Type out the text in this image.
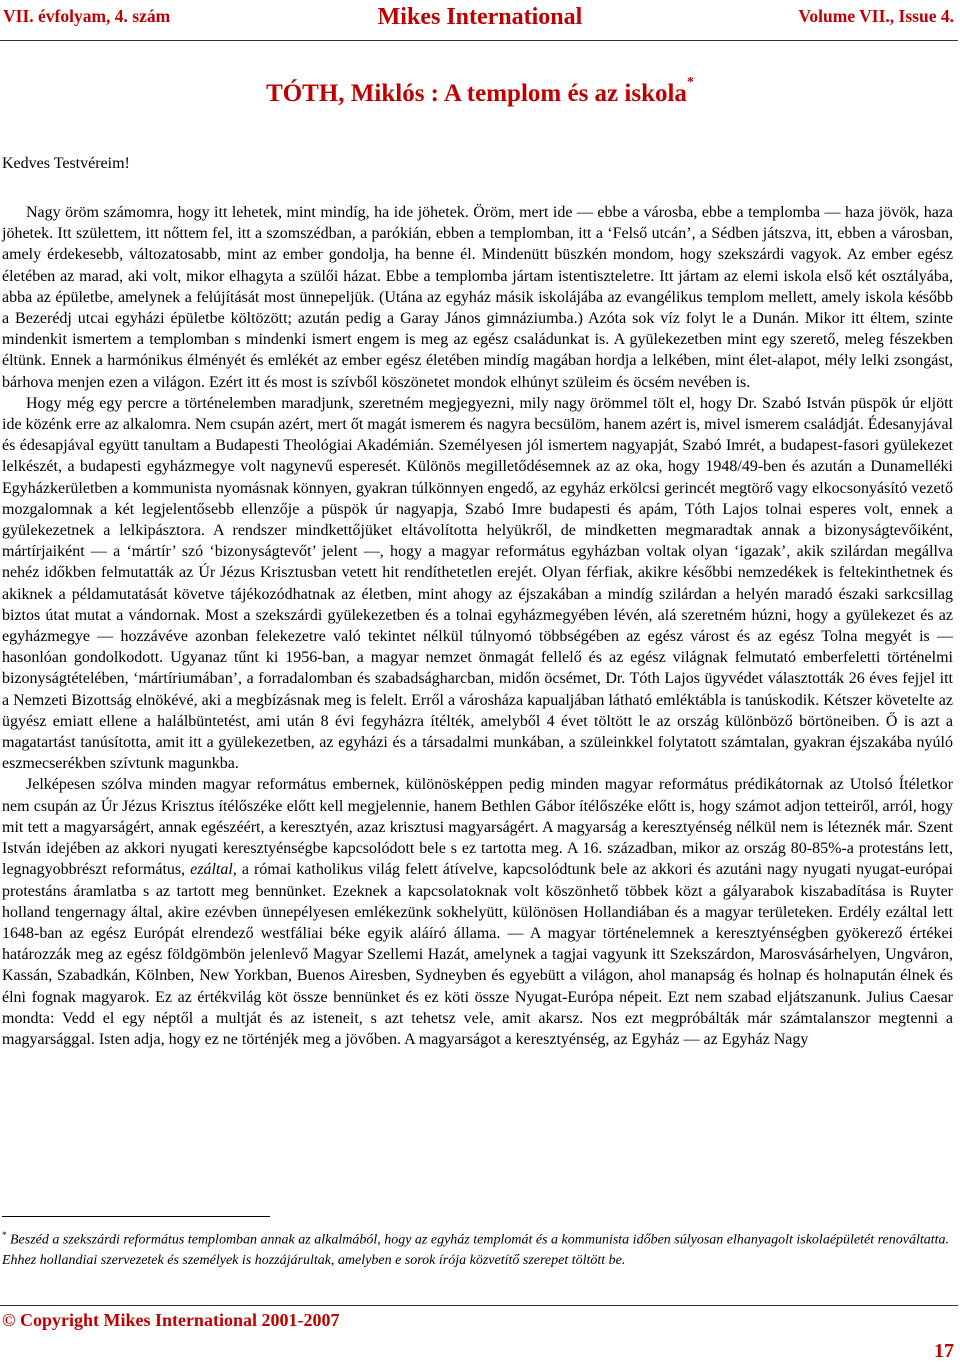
VII. évfolyam, 4. szám	Mikes International	Volume VII., Issue 4.
TÓTH, Miklós : A templom és az iskola*
Kedves Testvéreim!

Nagy öröm számomra, hogy itt lehetek, mint mindíg, ha ide jöhetek. Öröm, mert ide — ebbe a városba, ebbe a templomba — haza jövök, haza jöhetek. Itt születtem, itt nőttem fel, itt a szomszédban, a parókián, ebben a templomban, itt a ‘Felső utcán’, a Sédben játszva, itt, ebben a városban, amely érdekesebb, változatosabb, mint az ember gondolja, ha benne él. Mindenütt büszkén mondom, hogy szekszárdi vagyok. Az ember egész életében az marad, aki volt, mikor elhagyta a szülői házat. Ebbe a templomba jártam istentiszteletre. Itt jártam az elemi iskola első két osztályába, abba az épületbe, amelynek a felújítását most ünnepeljük. (Utána az egyház másik iskolájába az evangélikus templom mellett, amely iskola később a Bezerédj utcai egyházi épületbe költözött; azután pedig a Garay János gimnáziumba.) Azóta sok víz folyt le a Dunán. Mikor itt éltem, szinte mindenkit ismertem a templomban s mindenki ismert engem is meg az egész családunkat is. A gyülekezetben mint egy szerető, meleg fészekben éltünk. Ennek a harmónikus élményét és emlékét az ember egész életében mindíg magában hordja a lelkében, mint élet-alapot, mély lelki zsongást, bárhova menjen ezen a világon. Ezért itt és most is szívből köszönetet mondok elhúnyt szüleim és öcsém nevében is.

Hogy még egy percre a történelemben maradjunk, szeretném megjegyezni, mily nagy örömmel tölt el, hogy Dr. Szabó István püspök úr eljött ide közénk erre az alkalomra. Nem csupán azért, mert őt magát ismerem és nagyra becsülöm, hanem azért is, mivel ismerem családját. Édesanyjával és édesapjával együtt tanultam a Budapesti Theológiai Akadémián. Személyesen jól ismertem nagyapját, Szabó Imrét, a budapest-fasori gyülekezet lelkészét, a budapesti egyházmegye volt nagynevű esperesét. Különös megilletődésemnek az az oka, hogy 1948/49-ben és azután a Dunamelléki Egyházkerületben a kommunista nyomásnak könnyen, gyakran túlkönnyen engedő, az egyház erkölcsi gerincét megtörő vagy elkocsonyásító vezető mozgalomnak a két legjelentősebb ellenzője a püspök úr nagyapja, Szabó Imre budapesti és apám, Tóth Lajos tolnai esperes volt, ennek a gyülekezetnek a lelkipásztora. A rendszer mindkettőjüket eltávolította helyükről, de mindketten megmaradtak annak a bizonyságtevőiként, mártírjaiként — a ‘mártír’ szó ‘bizonyságtevőt’ jelent —, hogy a magyar református egyházban voltak olyan ‘igazak’, akik szilárdan megállva nehéz időkben felmutatták az Úr Jézus Krisztusban vetett hit rendíthetetlen erejét. Olyan férfiak, akikre későbbi nemzedékek is feltekinthetnek és akiknek a példamutatását követve tájékozódhatnak az életben, mint ahogy az éjszakában a mindíg szilárdan a helyén maradó északi sarkcsillag biztos útat mutat a vándornak. Most a szekszárdi gyülekezetben és a tolnai egyházmegyében lévén, alá szeretném húzni, hogy a gyülekezet és az egyházmegye — hozzávéve azonban felekezetre való tekintet nélkül túlnyomó többségében az egész várost és az egész Tolna megyét is — hasonlóan gondolkodott. Ugyanaz tűnt ki 1956-ban, a magyar nemzet önmagát fellelő és az egész világnak felmutató emberfeletti történelmi bizonyságtételében, ‘mártíriumában’, a forradalomban és szabadságharcban, midőn öcsémet, Dr. Tóth Lajos ügyvédet választották 26 éves fejjel itt a Nemzeti Bizottság elnökévé, aki a megbízásnak meg is felelt. Erről a városháza kapualjában látható emléktábla is tanúskodik. Kétszer követelte az ügyész emiatt ellene a halálbüntetést, ami után 8 évi fegyházra ítélték, amelyből 4 évet töltött le az ország különböző börtöneiben. Ő is azt a magatartást tanúsította, amit itt a gyülekezetben, az egyházi és a társadalmi munkában, a szüleinkkel folytatott számtalan, gyakran éjszakába nyúló eszmecserékben szívtunk magunkba.

Jelképesen szólva minden magyar református embernek, különösképpen pedig minden magyar református prédikátornak az Utolsó Ítéletkor nem csupán az Úr Jézus Krisztus ítélőszéke előtt kell megjelennie, hanem Bethlen Gábor ítélőszéke előtt is, hogy számot adjon tetteiről, arról, hogy mit tett a magyarságért, annak egészéért, a keresztyén, azaz krisztusi magyarságért. A magyarság a keresztyénség nélkül nem is léteznék már. Szent István idejében az akkori nyugati keresztyénségbe kapcsolódott bele s ez tartotta meg. A 16. században, mikor az ország 80-85%-a protestáns lett, legnagyobbrészt református, ezáltal, a római katholikus világ felett átívelve, kapcsolódtunk bele az akkori és azutáni nagy nyugati nyugat-európai protestáns áramlatba s az tartott meg bennünket. Ezeknek a kapcsolatoknak volt köszönhető többek közt a gályarabok kiszabadítása is Ruyter holland tengernagy által, akire ezévben ünnepélyesen emlékezünk sokhelyütt, különösen Hollandiában és a magyar területeken. Erdély ezáltal lett 1648-ban az egész Európát elrendező westfáliai béke egyik aláíró állama. — A magyar történelemnek a keresztyénségben gyökerező értékei határozzák meg az egész földgömbön jelenlevő Magyar Szellemi Hazát, amelynek a tagjai vagyunk itt Szekszárdon, Marosvásárhelyen, Ungváron, Kassán, Szabadkán, Kölnben, New Yorkban, Buenos Airesben, Sydneyben és egyebütt a világon, ahol manapság és holnap és holnapután élnek és élni fognak magyarok. Ez az értékvilág köt össze bennünket és ez köti össze Nyugat-Európa népeit. Ezt nem szabad eljátszanunk. Julius Caesar mondta: Vedd el egy néptől a multját és az isteneit, s azt tehetsz vele, amit akarsz. Nos ezt megpróbálták már számtalanszor megtenni a magyarsággal. Isten adja, hogy ez ne történjék meg a jövőben. A magyarságot a keresztyénség, az Egyház — az Egyház Nagy

* Beszéd a szekszárdi református templomban annak az alkalmából, hogy az egyház templomát és a kommunista időben súlyosan elhanyagolt iskolaépületét renováltatta. Ehhez hollandiai szervezetek és személyek is hozzájárultak, amelyben e sorok írója közvetítő szerepet töltött be.
© Copyright Mikes International 2001-2007
17
